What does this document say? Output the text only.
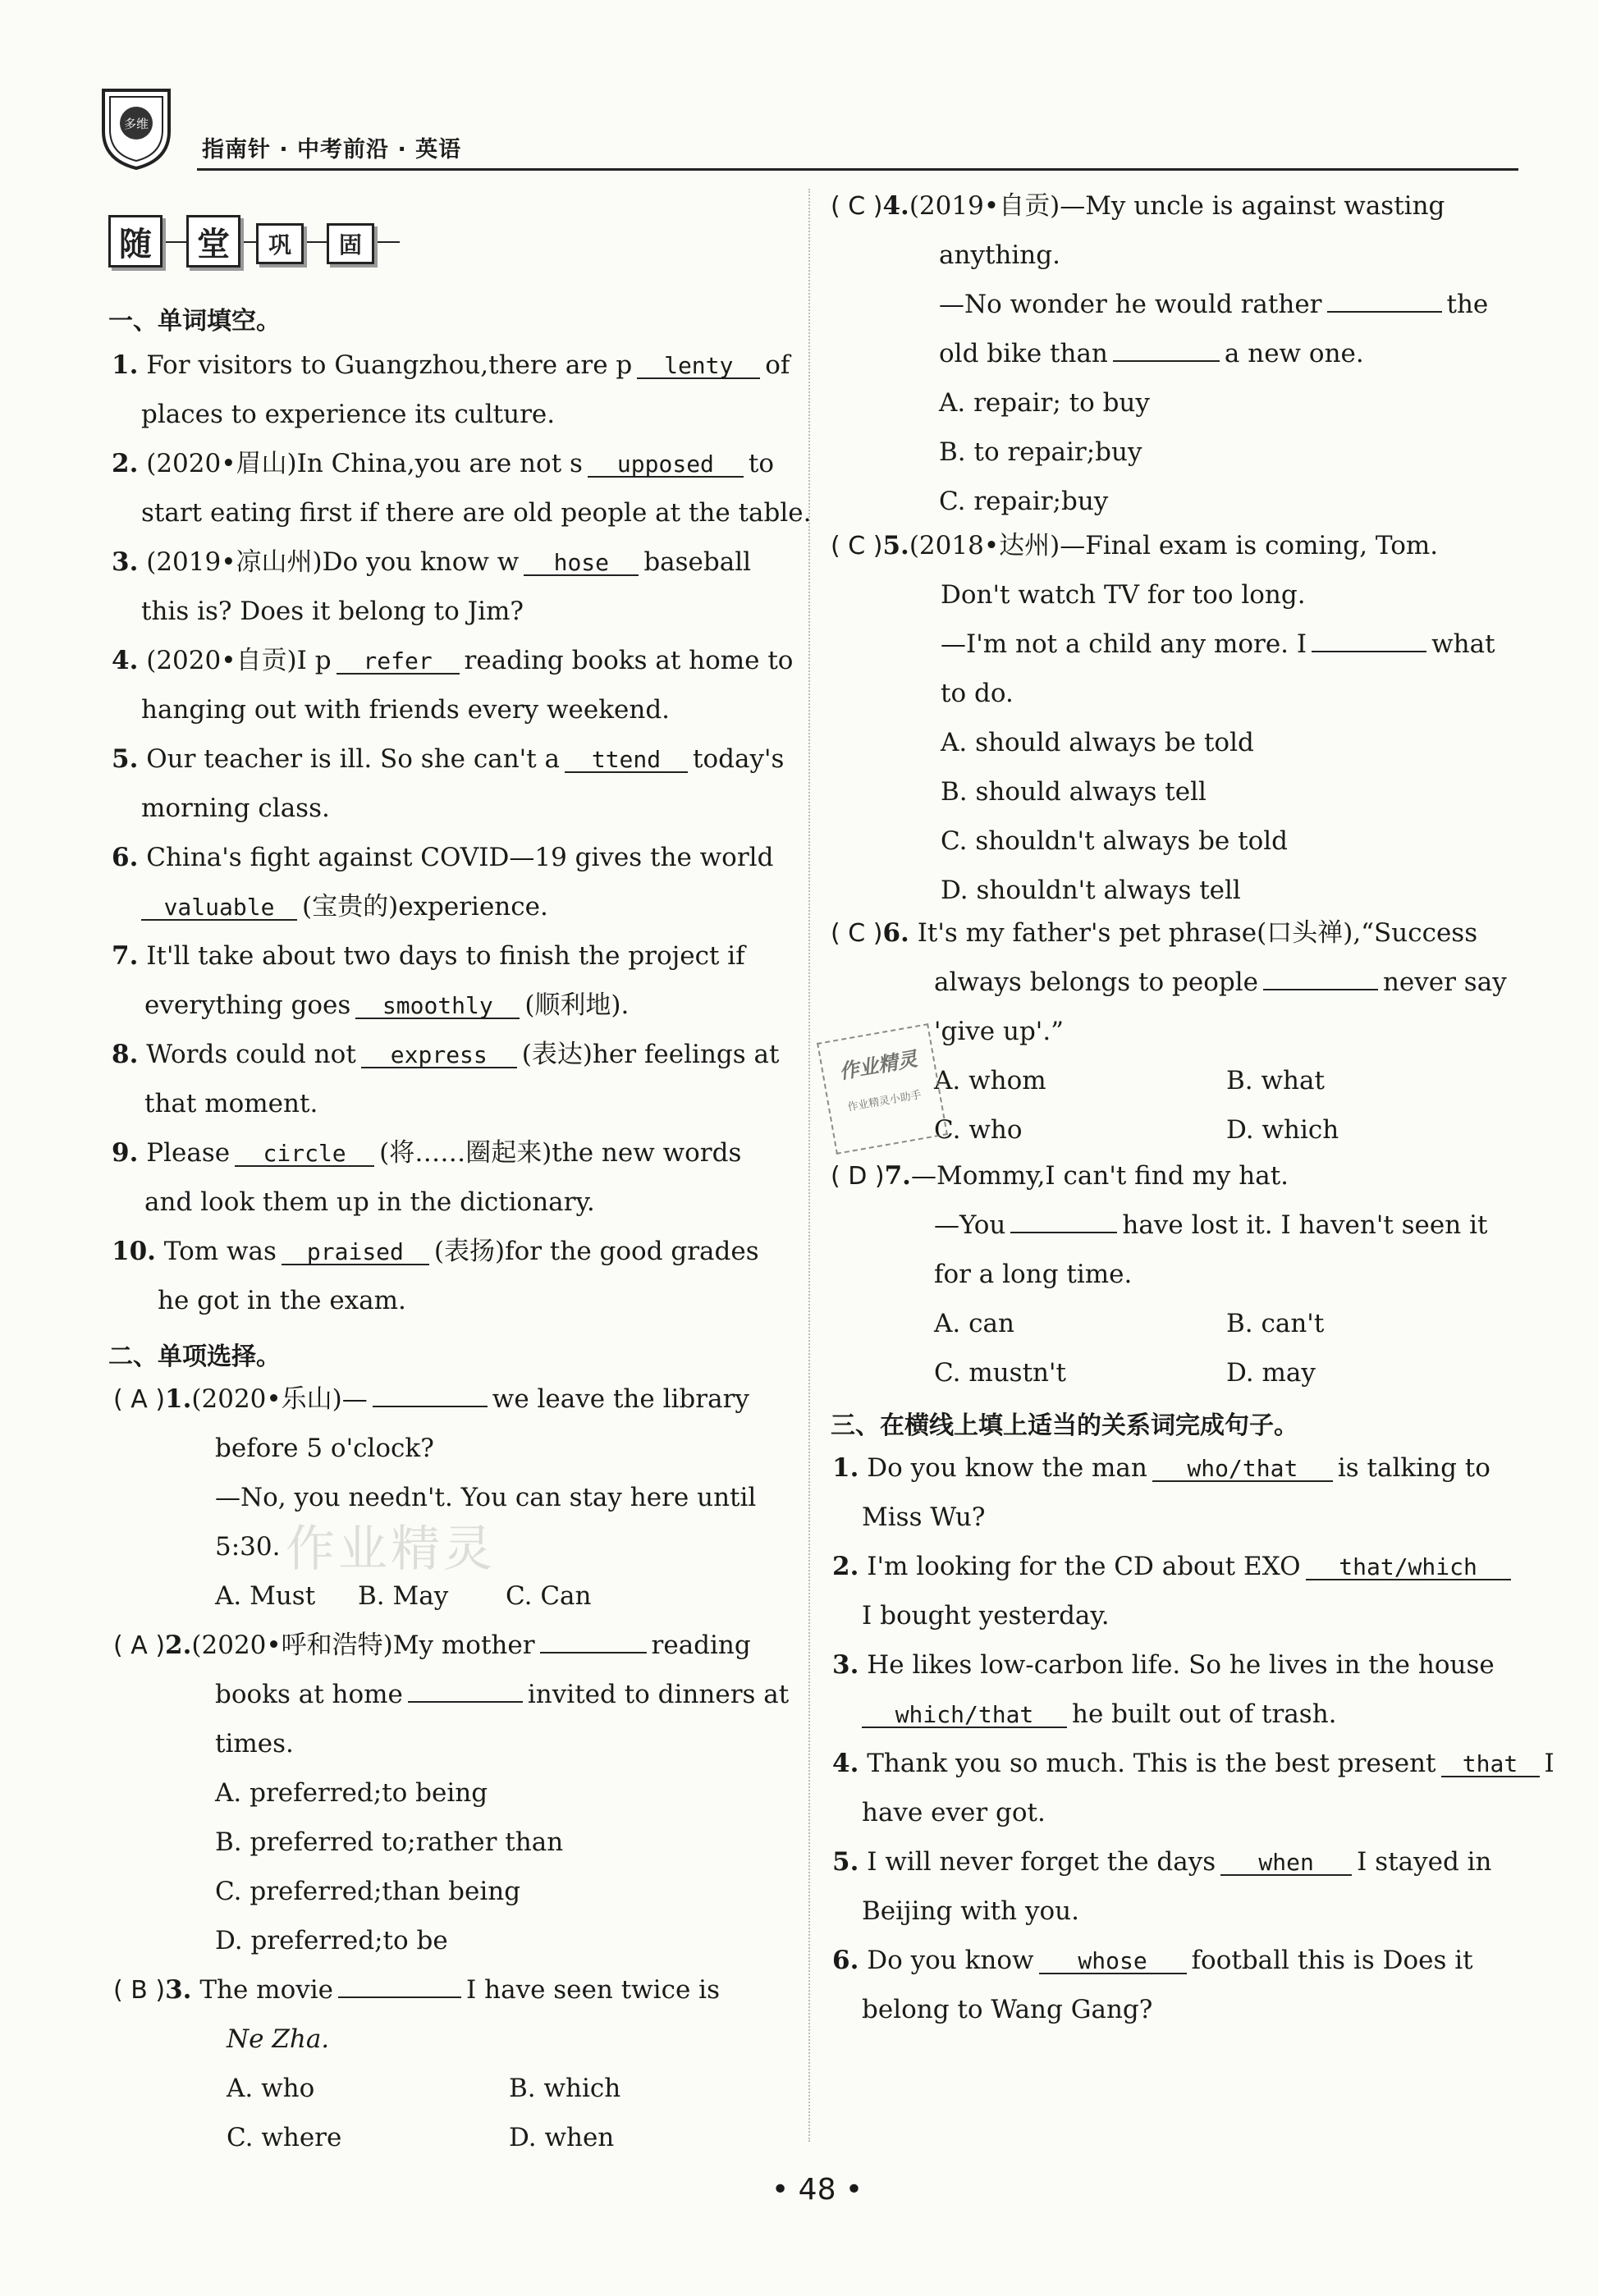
多维
指南针 · 中考前沿 · 英语
随	堂	巩	固
一、单词填空。
1. For visitors to Guangzhou,there are p lenty of
places to experience its culture.
2. (2020•眉山)In China,you are not s upposed to
start eating first if there are old people at the table.
3. (2019•凉山州)Do you know w hose baseball
this is? Does it belong to Jim?
4. (2020•自贡)I p refer reading books at home to
hanging out with friends every weekend.
5. Our teacher is ill. So she can't a ttend today's
morning class.
6. China's fight against COVID—19 gives the world
valuable (宝贵的)experience.
7. It'll take about two days to finish the project if
everything goes smoothly (顺利地).
8. Words could not express (表达)her feelings at
that moment.
9. Please circle (将……圈起来)the new words
and look them up in the dictionary.
10. Tom was praised (表扬)for the good grades
he got in the exam.
二、单项选择。
( A )1.(2020•乐山)—	we leave the library
before 5 o'clock?
—No, you needn't. You can stay here until
5:30.
A. Must B. May C. Can
( A )2.(2020•呼和浩特)My mother	reading
books at home	invited to dinners at
times.
A. preferred;to being
B. preferred to;rather than
C. preferred;than being
D. preferred;to be
( B )3. The movie	I have seen twice is
Ne Zha.
A. who	B. which
C. where	D. when
( C )4.(2019•自贡)—My uncle is against wasting
anything.
—No wonder he would rather	the
old bike than	a new one.
A. repair; to buy
B. to repair;buy
C. repair;buy
( C )5.(2018•达州)—Final exam is coming, Tom.
Don't watch TV for too long.
—I'm not a child any more. I	what
to do.
A. should always be told
B. should always tell
C. shouldn't always be told
D. shouldn't always tell
( C )6. It's my father's pet phrase(口头禅),“Success
always belongs to people	never say
'give up'.”
A. whom	B. what
C. who	D. which
( D )7.—Mommy,I can't find my hat.
—You	have lost it. I haven't seen it
for a long time.
A. can	B. can't
C. mustn't	D. may
三、在横线上填上适当的关系词完成句子。
1. Do you know the man who/that is talking to
Miss Wu?
2. I'm looking for the CD about EXO that/which
I bought yesterday.
3. He likes low-carbon life. So he lives in the house
which/that he built out of trash.
4. Thank you so much. This is the best present that I
have ever got.
5. I will never forget the days when I stayed in
Beijing with you.
6. Do you know whose football this is Does it
belong to Wang Gang?
作业精灵
作业精灵小助手
作业精灵
• 48 •
